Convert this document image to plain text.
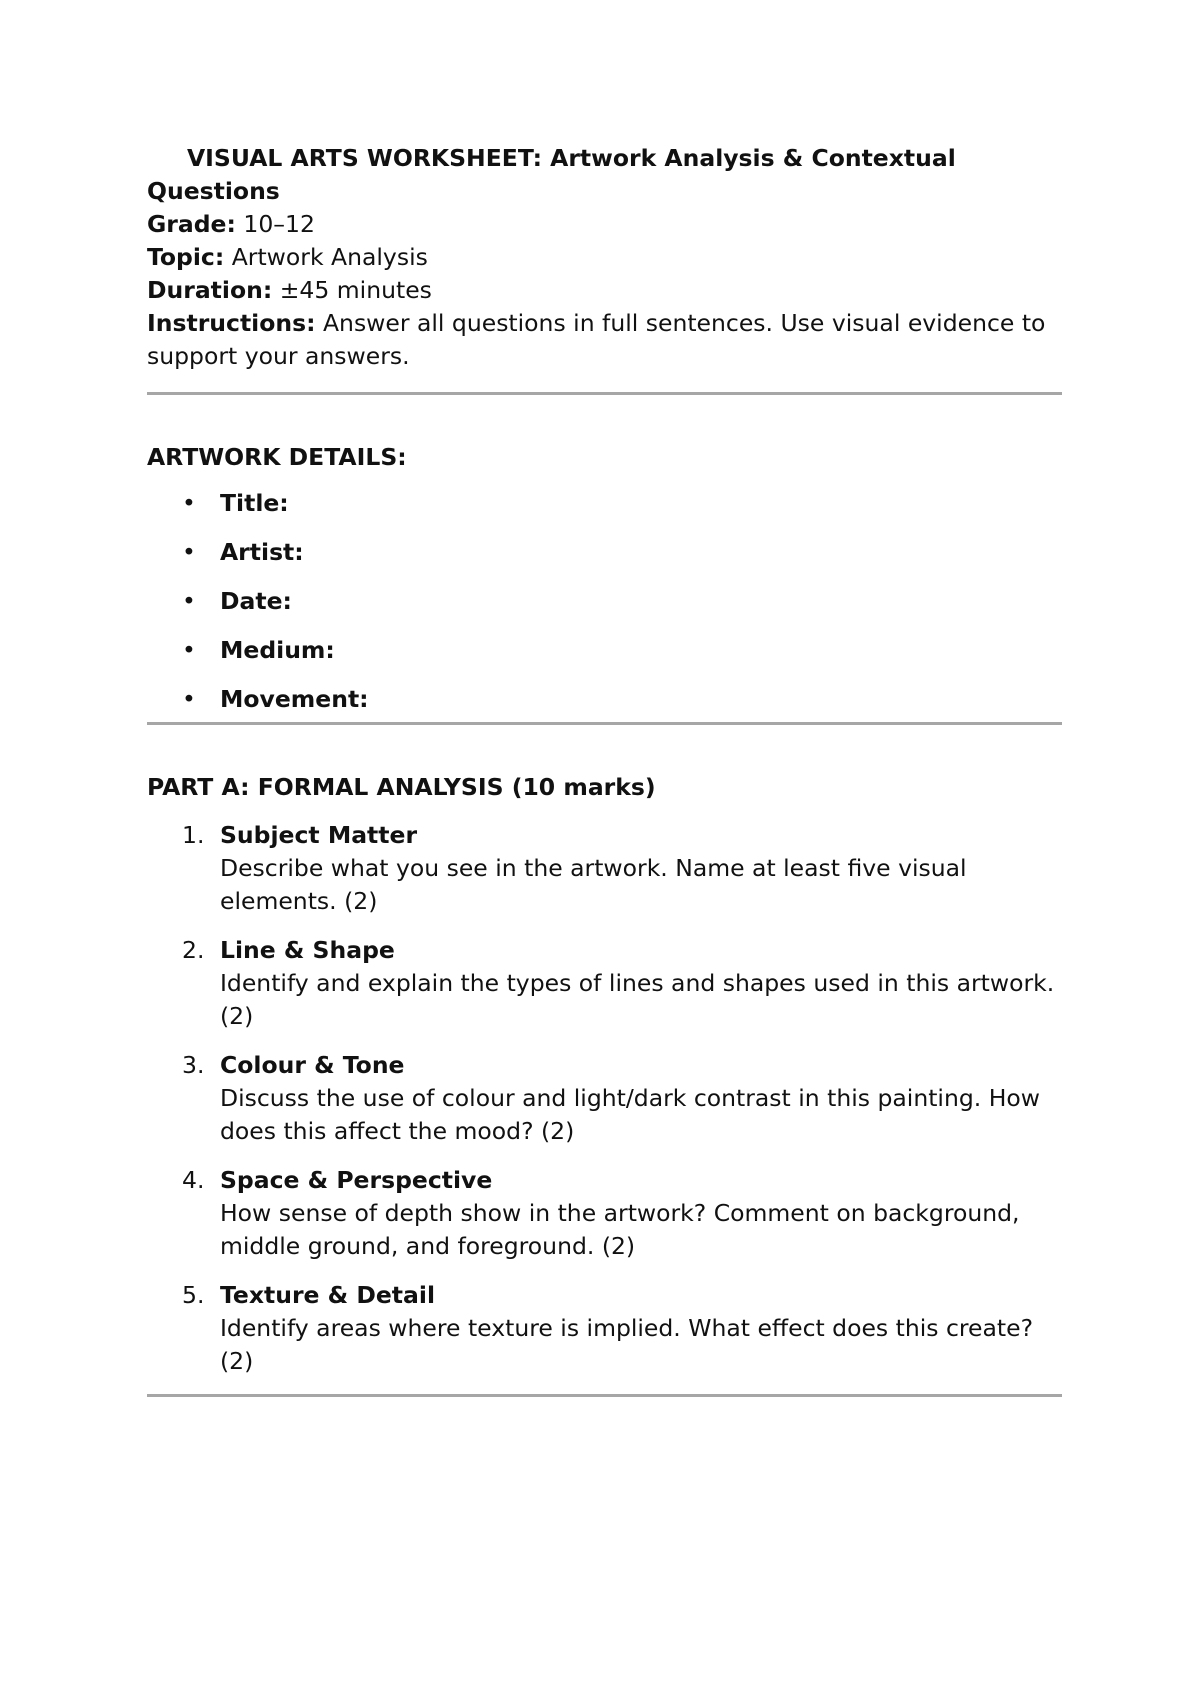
VISUAL ARTS WORKSHEET: Artwork Analysis & Contextual Questions

Grade: 10–12

Topic: Artwork Analysis

Duration: ±45 minutes

Instructions: Answer all questions in full sentences. Use visual evidence to support your answers.

ARTWORK DETAILS:

• Title:
• Artist:
• Date:
• Medium:
• Movement:

PART A: FORMAL ANALYSIS (10 marks)

1. Subject Matter
Describe what you see in the artwork. Name at least five visual elements. (2)
2. Line & Shape
Identify and explain the types of lines and shapes used in this artwork. (2)
3. Colour & Tone
Discuss the use of colour and light/dark contrast in this painting. How does this affect the mood? (2)
4. Space & Perspective
How sense of depth show in the artwork? Comment on background, middle ground, and foreground. (2)
5. Texture & Detail
Identify areas where texture is implied. What effect does this create? (2)
